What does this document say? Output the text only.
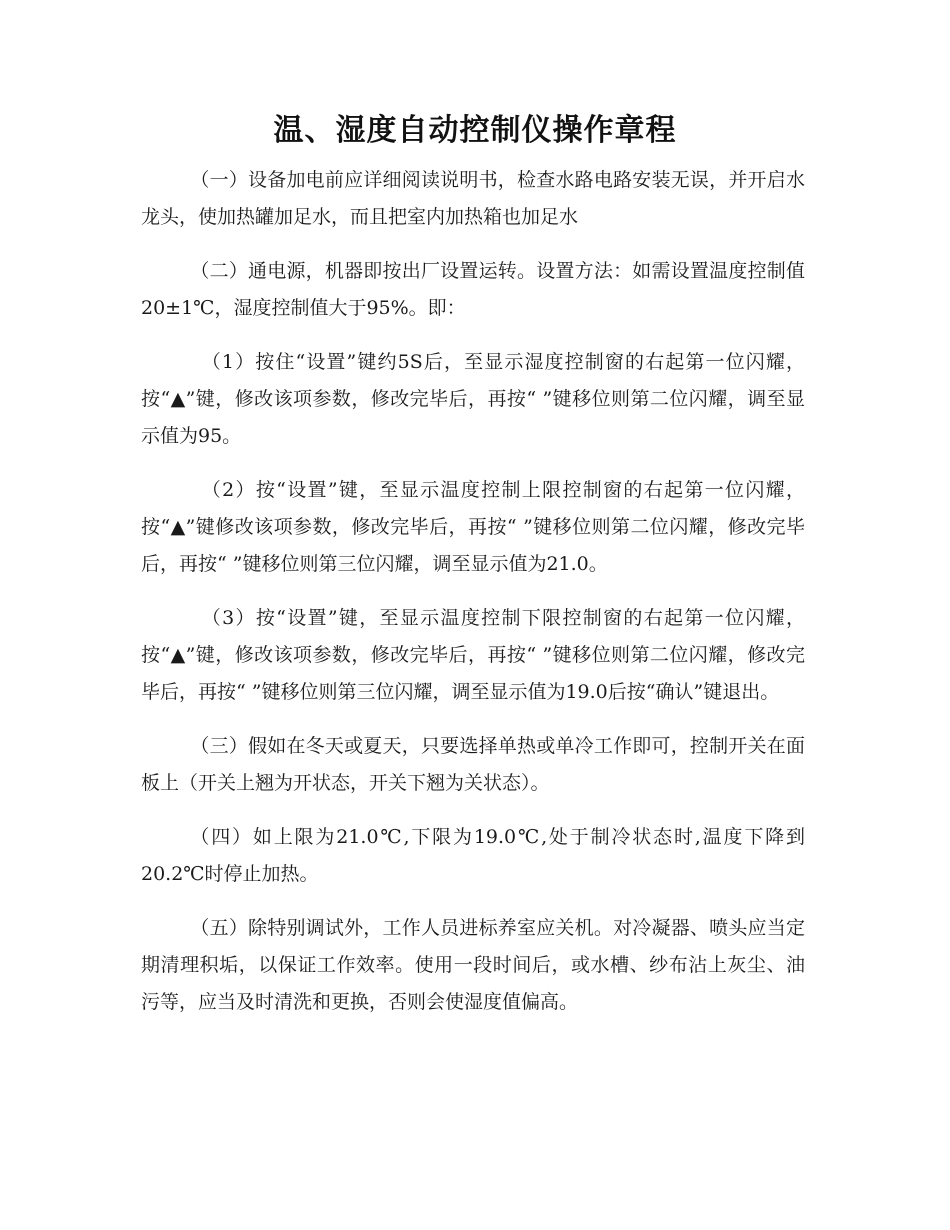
温、湿度自动控制仪操作章程

（一）设备加电前应详细阅读说明书，检查水路电路安装无误，并开启水龙头，使加热罐加足水，而且把室内加热箱也加足水

（二）通电源，机器即按出厂设置运转。设置方法：如需设置温度控制值20±1℃，湿度控制值大于95%。即：

（1）按住“设置”键约5S后，至显示湿度控制窗的右起第一位闪耀，按“▲”键，修改该项参数，修改完毕后，再按“ ”键移位则第二位闪耀，调至显示值为95。

（2）按“设置”键，至显示温度控制上限控制窗的右起第一位闪耀，按“▲”键修改该项参数，修改完毕后，再按“ ”键移位则第二位闪耀，修改完毕后，再按“ ”键移位则第三位闪耀，调至显示值为21.0。

（3）按“设置”键，至显示温度控制下限控制窗的右起第一位闪耀，按“▲”键，修改该项参数，修改完毕后，再按“ ”键移位则第二位闪耀，修改完毕后，再按“ ”键移位则第三位闪耀，调至显示值为19.0后按“确认”键退出。

（三）假如在冬天或夏天，只要选择单热或单冷工作即可，控制开关在面板上（开关上翘为开状态，开关下翘为关状态）。

（四）如上限为21.0℃,下限为19.0℃,处于制冷状态时,温度下降到20.2℃时停止加热。

（五）除特别调试外，工作人员进标养室应关机。对冷凝器、喷头应当定期清理积垢，以保证工作效率。使用一段时间后，或水槽、纱布沾上灰尘、油污等，应当及时清洗和更换，否则会使湿度值偏高。
